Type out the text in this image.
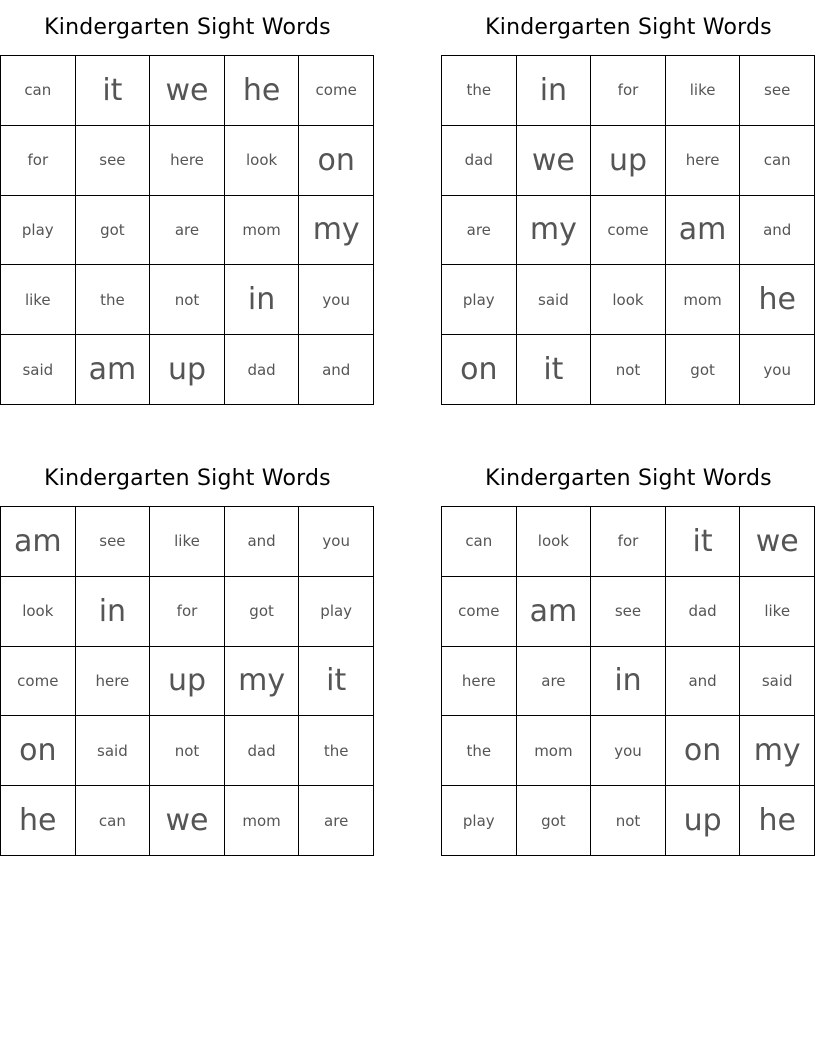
Kindergarten Sight Words
can	it	we	he	come
for	see	here	look	on
play	got	are	mom	my
like	the	not	in	you
said	am	up	dad	and
Kindergarten Sight Words
the	in	for	like	see
dad	we	up	here	can
are	my	come	am	and
play	said	look	mom	he
on	it	not	got	you
Kindergarten Sight Words
am	see	like	and	you
look	in	for	got	play
come	here	up	my	it
on	said	not	dad	the
he	can	we	mom	are
Kindergarten Sight Words
can	look	for	it	we
come	am	see	dad	like
here	are	in	and	said
the	mom	you	on	my
play	got	not	up	he
